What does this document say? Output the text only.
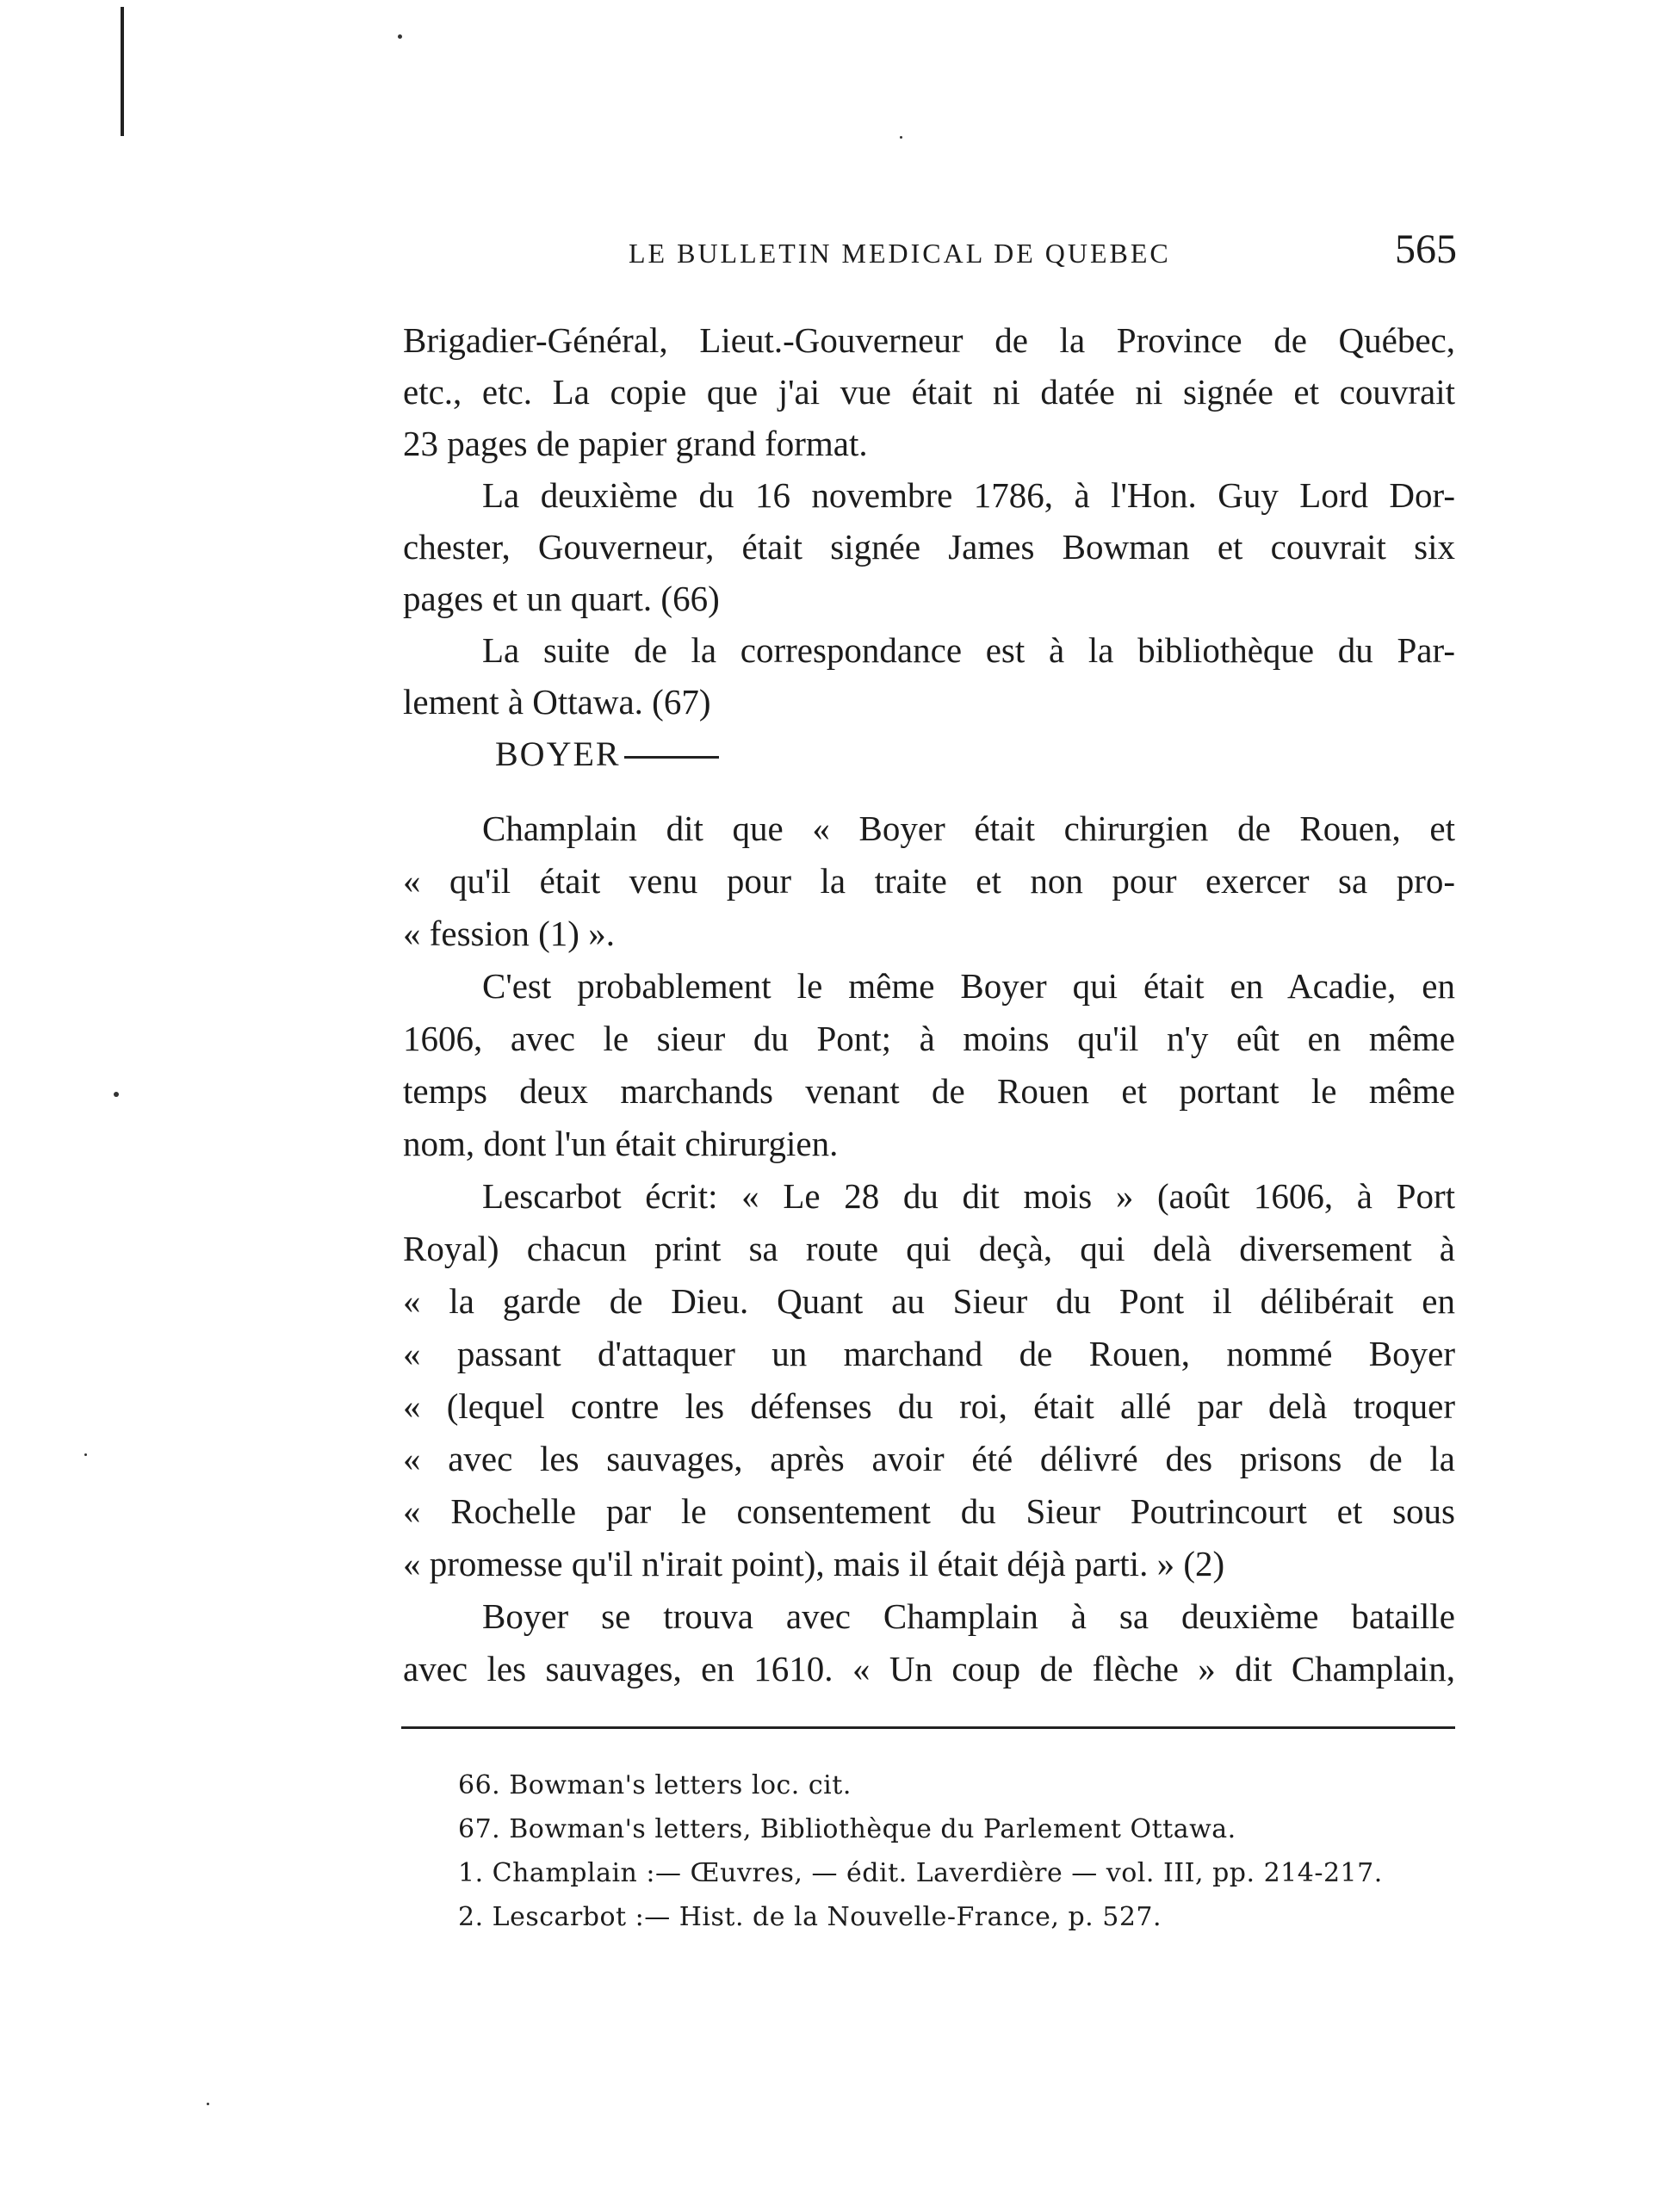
LE BULLETIN MEDICAL DE QUEBEC	565
Brigadier-Général, Lieut.-Gouverneur de la Province de Québec,
etc., etc. La copie que j'ai vue était ni datée ni signée et couvrait
23 pages de papier grand format.
La deuxième du 16 novembre 1786, à l'Hon. Guy Lord Dor-
chester, Gouverneur, était signée James Bowman et couvrait six
pages et un quart. (66)
La suite de la correspondance est à la bibliothèque du Par-
lement à Ottawa. (67)
BOYER
Champlain dit que « Boyer était chirurgien de Rouen, et
« qu'il était venu pour la traite et non pour exercer sa pro-
« fession (1) ».
C'est probablement le même Boyer qui était en Acadie, en
1606, avec le sieur du Pont; à moins qu'il n'y eût en même
temps deux marchands venant de Rouen et portant le même
nom, dont l'un était chirurgien.
Lescarbot écrit: « Le 28 du dit mois » (août 1606, à Port
Royal) chacun print sa route qui deçà, qui delà diversement à
« la garde de Dieu. Quant au Sieur du Pont il délibérait en
« passant d'attaquer un marchand de Rouen, nommé Boyer
« (lequel contre les défenses du roi, était allé par delà troquer
« avec les sauvages, après avoir été délivré des prisons de la
« Rochelle par le consentement du Sieur Poutrincourt et sous
« promesse qu'il n'irait point), mais il était déjà parti. » (2)
Boyer se trouva avec Champlain à sa deuxième bataille
avec les sauvages, en 1610. « Un coup de flèche » dit Champlain,
66. Bowman's letters loc. cit.
67. Bowman's letters, Bibliothèque du Parlement Ottawa.
1. Champlain :— Œuvres, — édit. Laverdière — vol. III, pp. 214-217.
2. Lescarbot :— Hist. de la Nouvelle-France, p. 527.
